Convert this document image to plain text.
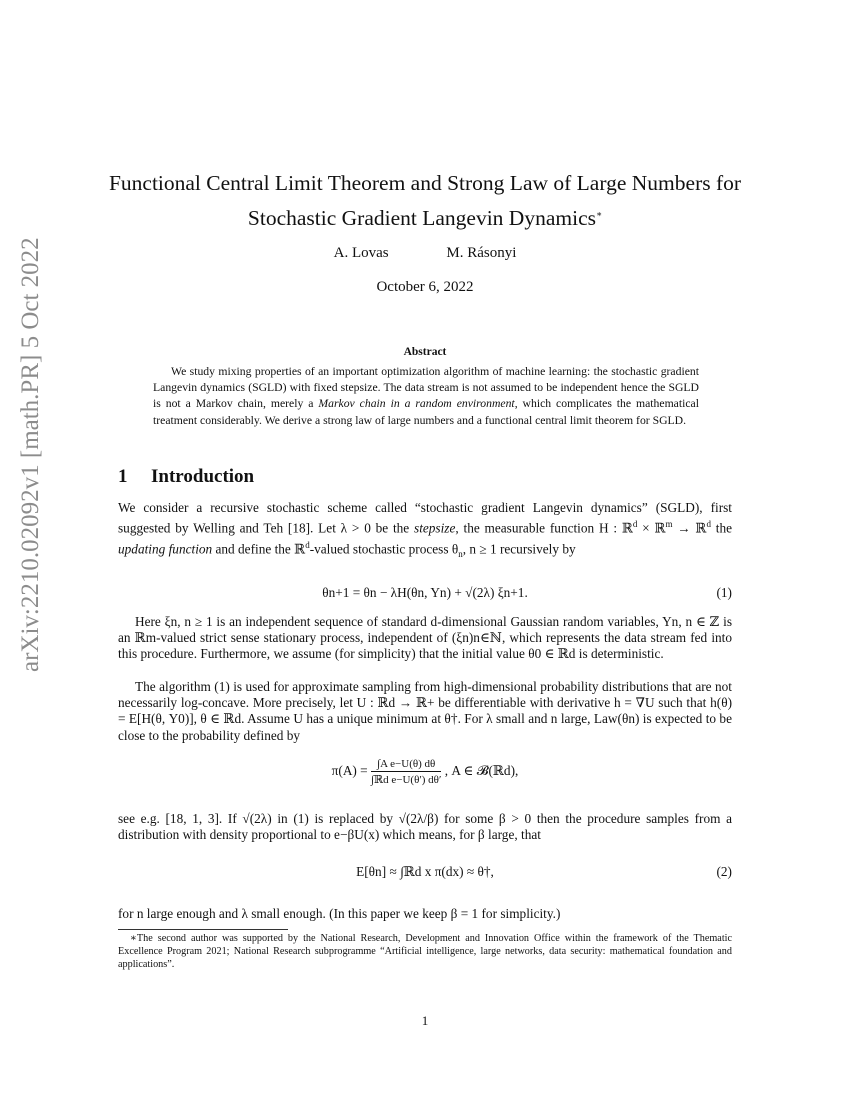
arXiv:2210.02092v1 [math.PR] 5 Oct 2022
Functional Central Limit Theorem and Strong Law of Large Numbers for Stochastic Gradient Langevin Dynamics∗
A. Lovas	M. Rásonyi
October 6, 2022
Abstract
We study mixing properties of an important optimization algorithm of machine learning: the stochastic gradient Langevin dynamics (SGLD) with fixed stepsize. The data stream is not assumed to be independent hence the SGLD is not a Markov chain, merely a Markov chain in a random environment, which complicates the mathematical treatment considerably. We derive a strong law of large numbers and a functional central limit theorem for SGLD.
1 Introduction
We consider a recursive stochastic scheme called “stochastic gradient Langevin dynamics” (SGLD), first suggested by Welling and Teh [18]. Let λ > 0 be the stepsize, the measurable function H : ℝ$^d$ × ℝ$^m$ → ℝ$^d$ the updating function and define the ℝ$^d$-valued stochastic process $\theta_n$, n ≥ 1 recursively by
θn+1 = θn − λH(θn, Yn) + √(2λ) ξn+1.	(1)
Here ξn, n ≥ 1 is an independent sequence of standard d-dimensional Gaussian random variables, Yn, n ∈ ℤ is an ℝm-valued strict sense stationary process, independent of (ξn)n∈ℕ, which represents the data stream fed into this procedure. Furthermore, we assume (for simplicity) that the initial value θ0 ∈ ℝd is deterministic.
The algorithm (1) is used for approximate sampling from high-dimensional probability distributions that are not necessarily log-concave. More precisely, let U : ℝd → ℝ+ be differentiable with derivative h = ∇U such that h(θ) = E[H(θ, Y0)], θ ∈ ℝd. Assume U has a unique minimum at θ†. For λ small and n large, Law(θn) is expected to be close to the probability defined by
$\pi(A) = \frac{\text{∫A e−U(θ) dθ}}{\text{∫ℝd e−U(θ′) dθ′}}$ , A ∈ 𝓑(ℝd),
see e.g. [18, 1, 3]. If √(2λ) in (1) is replaced by √(2λ/β) for some β > 0 then the procedure samples from a distribution with density proportional to e−βU(x) which means, for β large, that
E[θn] ≈ ∫ℝd x π(dx) ≈ θ†,	(2)
for n large enough and λ small enough. (In this paper we keep β = 1 for simplicity.)
∗The second author was supported by the National Research, Development and Innovation Office within the framework of the Thematic Excellence Program 2021; National Research subprogramme “Artificial intelligence, large networks, data security: mathematical foundation and applications”.
1
